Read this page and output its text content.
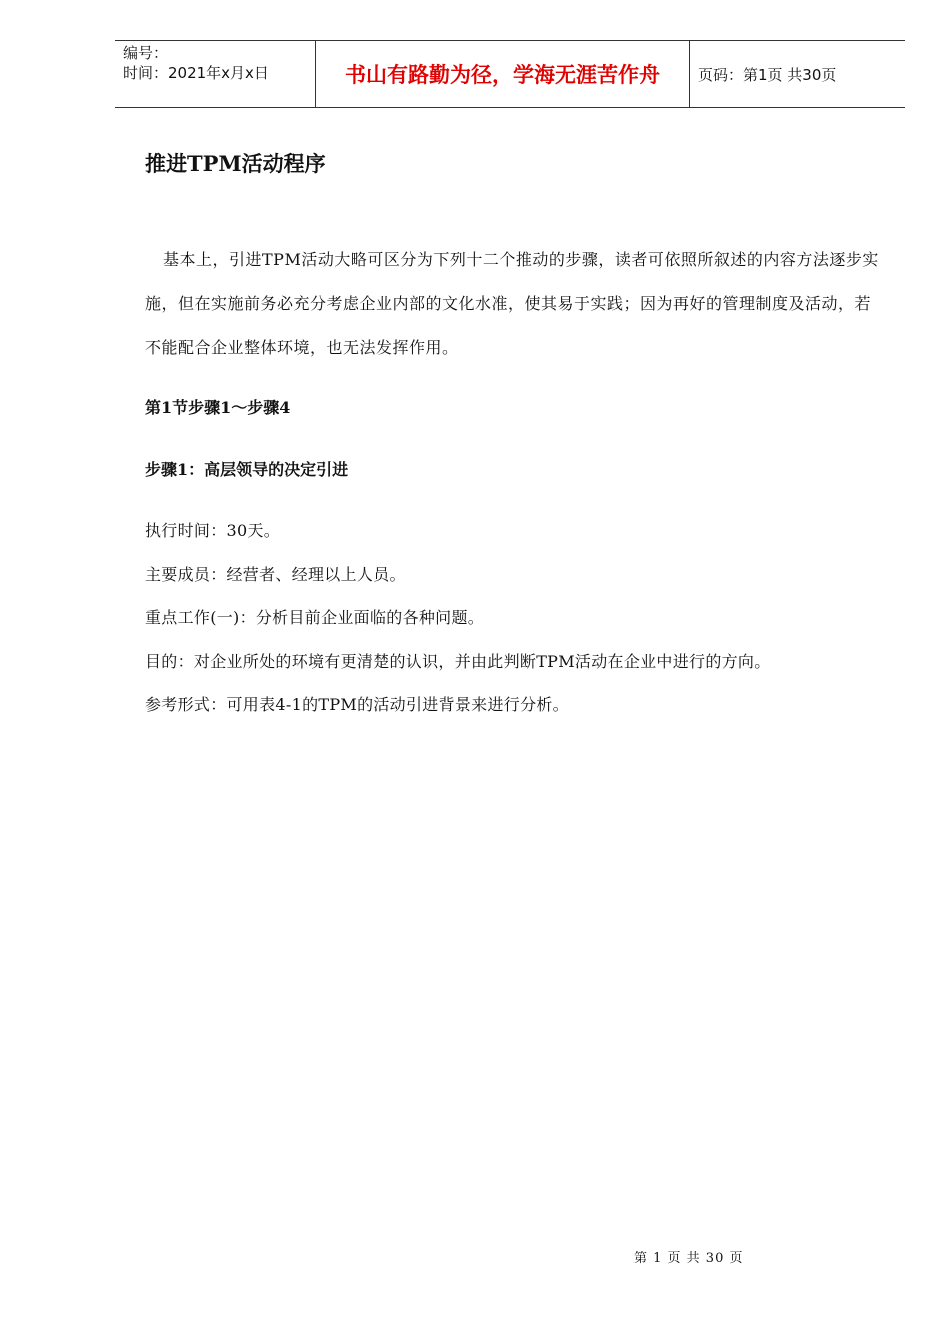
编号：
时间：2021年x月x日	书山有路勤为径，学海无涯苦作舟	页码：第1页 共30页
推进TPM活动程序

基本上，引进TPM活动大略可区分为下列十二个推动的步骤，读者可依照所叙述的内容方法逐步实施，但在实施前务必充分考虑企业内部的文化水准，使其易于实践；因为再好的管理制度及活动，若不能配合企业整体环境，也无法发挥作用。

第1节步骤1～步骤4
步骤1：高层领导的决定引进
执行时间：30天。
主要成员：经营者、经理以上人员。
重点工作(一)：分析目前企业面临的各种问题。
目的：对企业所处的环境有更清楚的认识，并由此判断TPM活动在企业中进行的方向。
参考形式：可用表4-1的TPM的活动引进背景来进行分析。
第 1 页 共 30 页
